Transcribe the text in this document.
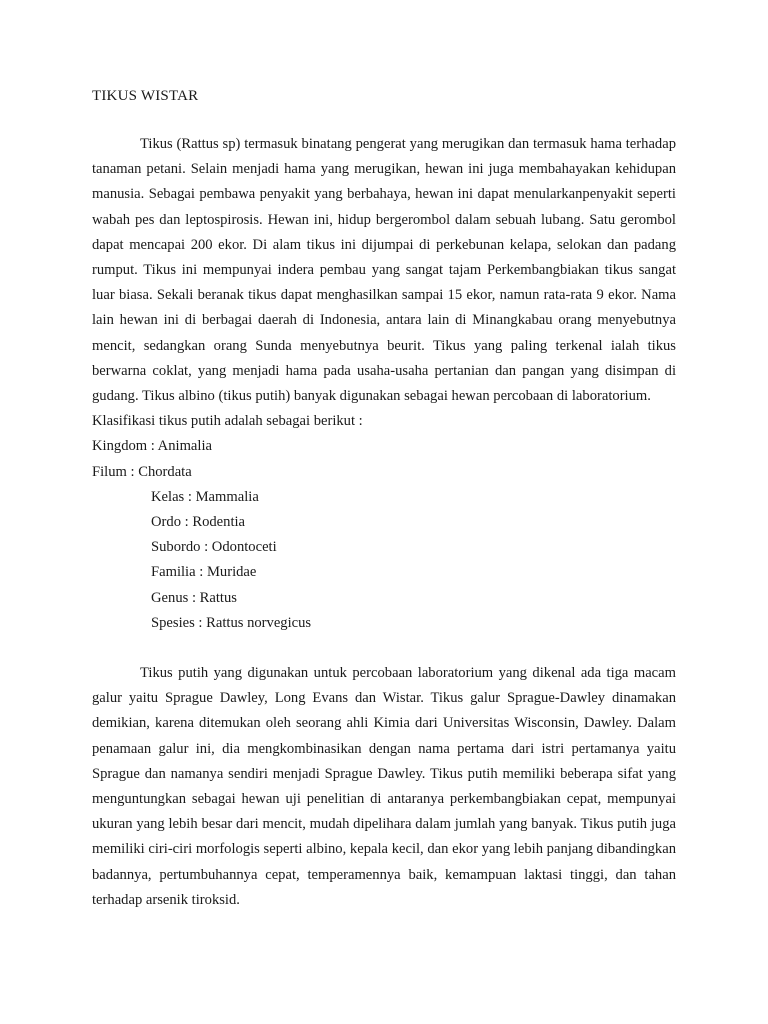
TIKUS WISTAR

Tikus (Rattus sp) termasuk binatang pengerat yang merugikan dan termasuk hama terhadap tanaman petani. Selain menjadi hama yang merugikan, hewan ini juga membahayakan kehidupan manusia. Sebagai pembawa penyakit yang berbahaya, hewan ini dapat menularkanpenyakit seperti wabah pes dan leptospirosis. Hewan ini, hidup bergerombol dalam sebuah lubang. Satu gerombol dapat mencapai 200 ekor. Di alam tikus ini dijumpai di perkebunan kelapa, selokan dan padang rumput. Tikus ini mempunyai indera pembau yang sangat tajam Perkembangbiakan tikus sangat luar biasa. Sekali beranak tikus dapat menghasilkan sampai 15 ekor, namun rata-rata 9 ekor. Nama lain hewan ini di berbagai daerah di Indonesia, antara lain di Minangkabau orang menyebutnya mencit, sedangkan orang Sunda menyebutnya beurit. Tikus yang paling terkenal ialah tikus berwarna coklat, yang menjadi hama pada usaha-usaha pertanian dan pangan yang disimpan di gudang. Tikus albino (tikus putih) banyak digunakan sebagai hewan percobaan di laboratorium.

Klasifikasi tikus putih adalah sebagai berikut :

Kingdom : Animalia

Filum : Chordata

Kelas : Mammalia

Ordo : Rodentia

Subordo : Odontoceti

Familia : Muridae

Genus : Rattus

Spesies : Rattus norvegicus

Tikus putih yang digunakan untuk percobaan laboratorium yang dikenal ada tiga macam galur yaitu Sprague Dawley, Long Evans dan Wistar. Tikus galur Sprague-Dawley dinamakan demikian, karena ditemukan oleh seorang ahli Kimia dari Universitas Wisconsin, Dawley. Dalam penamaan galur ini, dia mengkombinasikan dengan nama pertama dari istri pertamanya yaitu Sprague dan namanya sendiri menjadi Sprague Dawley. Tikus putih memiliki beberapa sifat yang menguntungkan sebagai hewan uji penelitian di antaranya perkembangbiakan cepat, mempunyai ukuran yang lebih besar dari mencit, mudah dipelihara dalam jumlah yang banyak. Tikus putih juga memiliki ciri-ciri morfologis seperti albino, kepala kecil, dan ekor yang lebih panjang dibandingkan badannya, pertumbuhannya cepat, temperamennya baik, kemampuan laktasi tinggi, dan tahan terhadap arsenik tiroksid.
